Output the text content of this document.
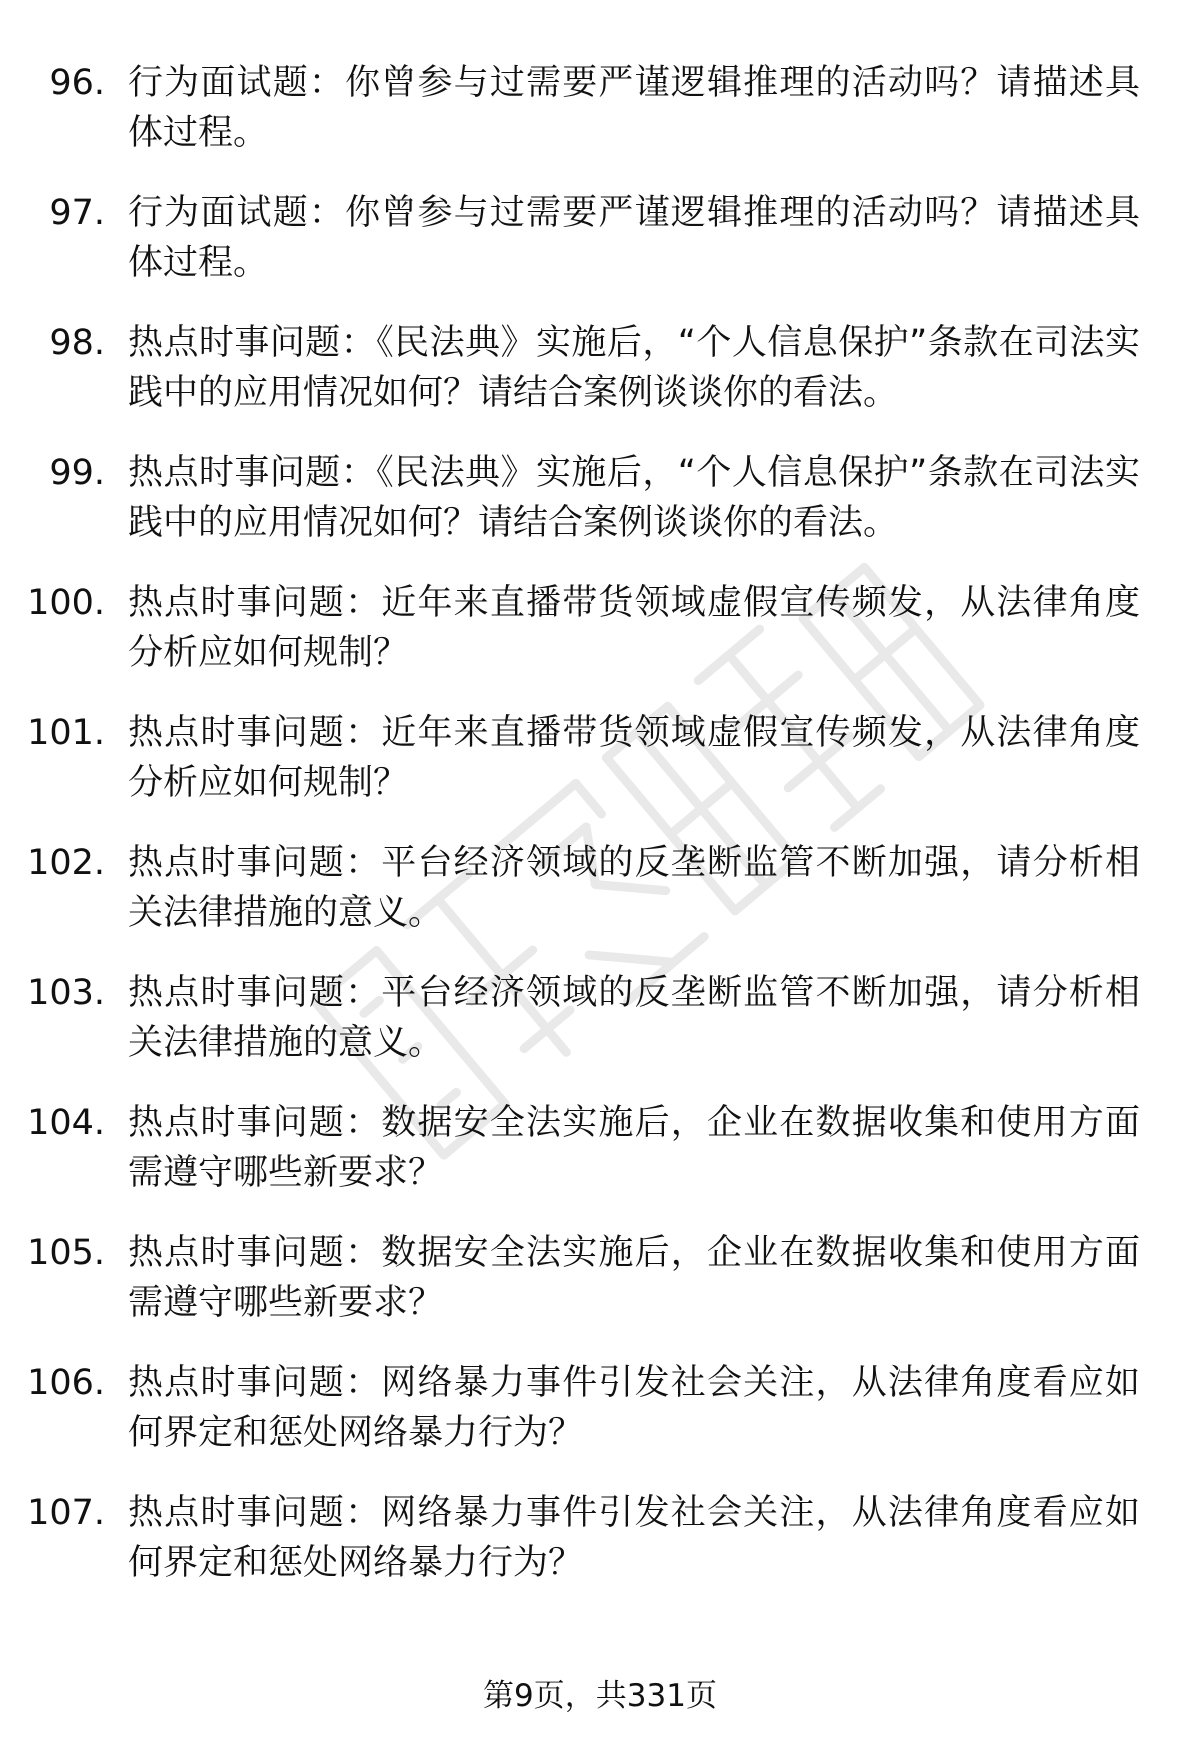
96. 行为面试题：你曾参与过需要严谨逻辑推理的活动吗？请描述具体过程。
97. 行为面试题：你曾参与过需要严谨逻辑推理的活动吗？请描述具体过程。
98. 热点时事问题：《民法典》实施后，“个人信息保护”条款在司法实践中的应用情况如何？请结合案例谈谈你的看法。
99. 热点时事问题：《民法典》实施后，“个人信息保护”条款在司法实践中的应用情况如何？请结合案例谈谈你的看法。
100. 热点时事问题：近年来直播带货领域虚假宣传频发，从法律角度分析应如何规制？
101. 热点时事问题：近年来直播带货领域虚假宣传频发，从法律角度分析应如何规制？
102. 热点时事问题：平台经济领域的反垄断监管不断加强，请分析相关法律措施的意义。
103. 热点时事问题：平台经济领域的反垄断监管不断加强，请分析相关法律措施的意义。
104. 热点时事问题：数据安全法实施后，企业在数据收集和使用方面需遵守哪些新要求？
105. 热点时事问题：数据安全法实施后，企业在数据收集和使用方面需遵守哪些新要求？
106. 热点时事问题：网络暴力事件引发社会关注，从法律角度看应如何界定和惩处网络暴力行为？
107. 热点时事问题：网络暴力事件引发社会关注，从法律角度看应如何界定和惩处网络暴力行为？
第9页，共331页
